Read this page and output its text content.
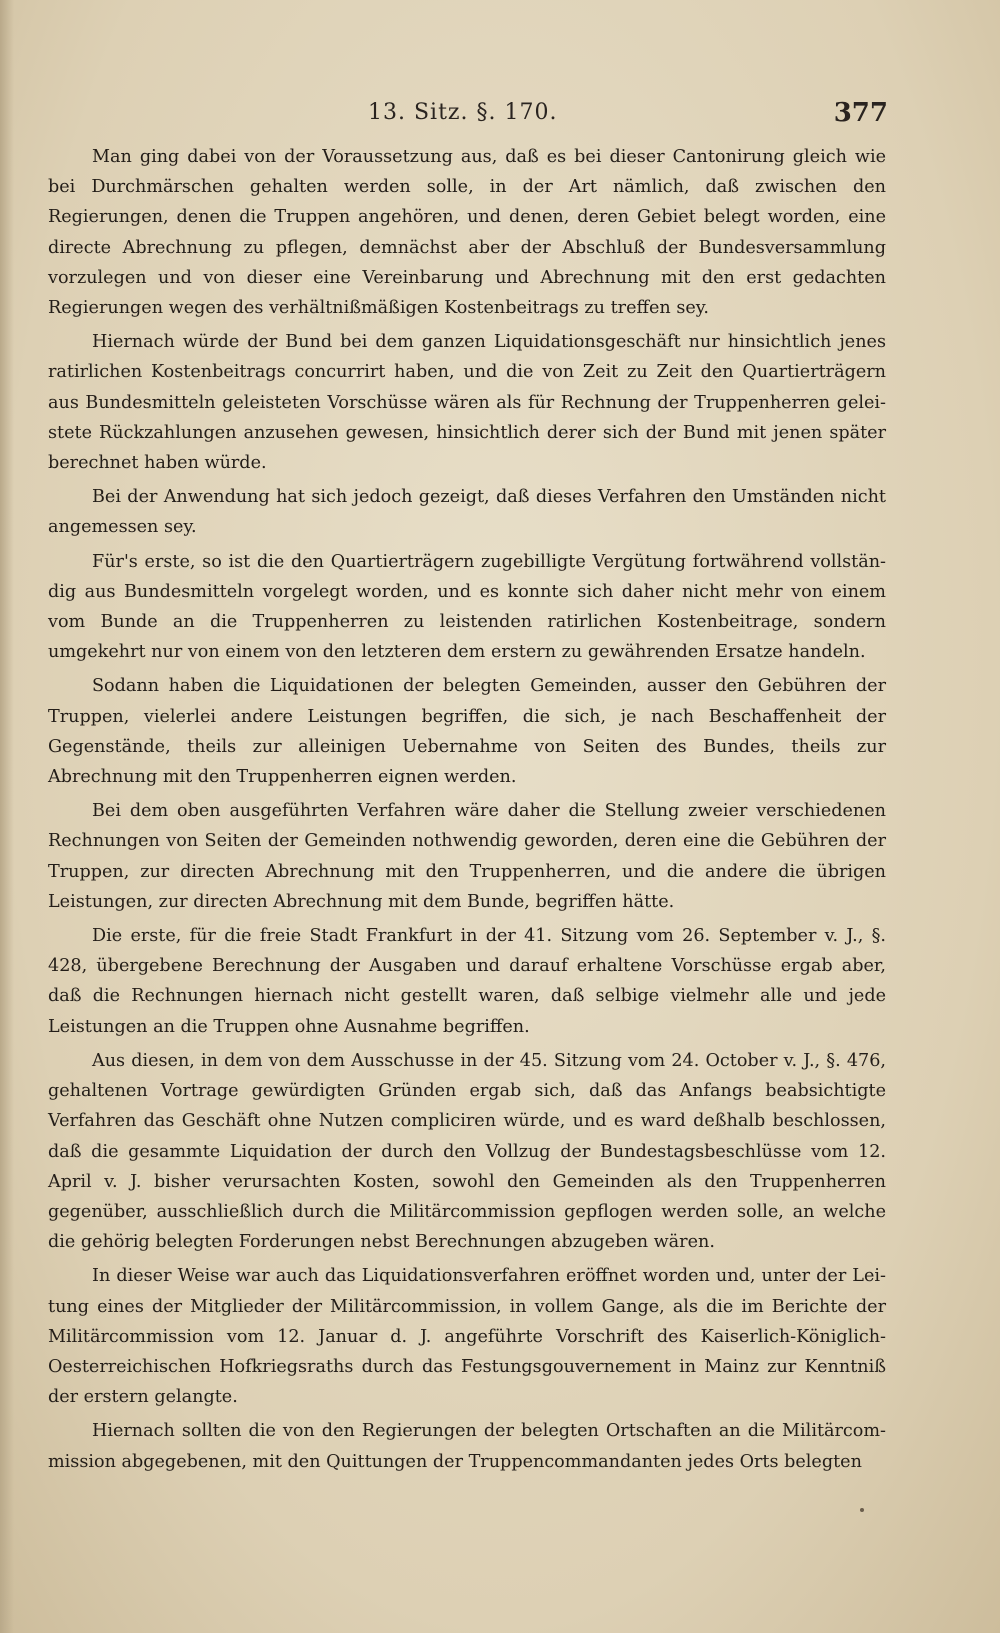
13. Sitz. §. 170.	377

Man ging dabei von der Voraussetzung aus, daß es bei dieser Cantonirung gleich wie bei Durchmärschen gehalten werden solle, in der Art nämlich, daß zwischen den Regierungen, denen die Truppen angehören, und denen, deren Gebiet belegt worden, eine directe Abrechnung zu pflegen, demnächst aber der Abschluß der Bundesversammlung vorzulegen und von dieser eine Vereinbarung und Abrechnung mit den erst gedachten Regierungen wegen des verhältnißmäßigen Kostenbeitrags zu treffen sey.

Hiernach würde der Bund bei dem ganzen Liquidationsgeschäft nur hinsichtlich jenes ratirlichen Kostenbeitrags concurrirt haben, und die von Zeit zu Zeit den Quartierträgern aus Bundesmitteln geleisteten Vorschüsse wären als für Rechnung der Truppenherren geleistete Rückzahlungen anzusehen gewesen, hinsichtlich derer sich der Bund mit jenen später berechnet haben würde.

Bei der Anwendung hat sich jedoch gezeigt, daß dieses Verfahren den Umständen nicht angemessen sey.

Für's erste, so ist die den Quartierträgern zugebilligte Vergütung fortwährend vollständig aus Bundesmitteln vorgelegt worden, und es konnte sich daher nicht mehr von einem vom Bunde an die Truppenherren zu leistenden ratirlichen Kostenbeitrage, sondern umgekehrt nur von einem von den letzteren dem erstern zu gewährenden Ersatze handeln.

Sodann haben die Liquidationen der belegten Gemeinden, ausser den Gebühren der Truppen, vielerlei andere Leistungen begriffen, die sich, je nach Beschaffenheit der Gegenstände, theils zur alleinigen Uebernahme von Seiten des Bundes, theils zur Abrechnung mit den Truppenherren eignen werden.

Bei dem oben ausgeführten Verfahren wäre daher die Stellung zweier verschiedenen Rechnungen von Seiten der Gemeinden nothwendig geworden, deren eine die Gebühren der Truppen, zur directen Abrechnung mit den Truppenherren, und die andere die übrigen Leistungen, zur directen Abrechnung mit dem Bunde, begriffen hätte.

Die erste, für die freie Stadt Frankfurt in der 41. Sitzung vom 26. September v. J., §. 428, übergebene Berechnung der Ausgaben und darauf erhaltene Vorschüsse ergab aber, daß die Rechnungen hiernach nicht gestellt waren, daß selbige vielmehr alle und jede Leistungen an die Truppen ohne Ausnahme begriffen.

Aus diesen, in dem von dem Ausschusse in der 45. Sitzung vom 24. October v. J., §. 476, gehaltenen Vortrage gewürdigten Gründen ergab sich, daß das Anfangs beabsichtigte Verfahren das Geschäft ohne Nutzen compliciren würde, und es ward deßhalb beschlossen, daß die gesammte Liquidation der durch den Vollzug der Bundestagsbeschlüsse vom 12. April v. J. bisher verursachten Kosten, sowohl den Gemeinden als den Truppenherren gegenüber, ausschließlich durch die Militärcommission gepflogen werden solle, an welche die gehörig belegten Forderungen nebst Berechnungen abzugeben wären.

In dieser Weise war auch das Liquidationsverfahren eröffnet worden und, unter der Leitung eines der Mitglieder der Militärcommission, in vollem Gange, als die im Berichte der Militärcommission vom 12. Januar d. J. angeführte Vorschrift des Kaiserlich-Königlich-Oesterreichischen Hofkriegsraths durch das Festungsgouvernement in Mainz zur Kenntniß der erstern gelangte.

Hiernach sollten die von den Regierungen der belegten Ortschaften an die Militärcommission abgegebenen, mit den Quittungen der Truppencommandanten jedes Orts belegten
